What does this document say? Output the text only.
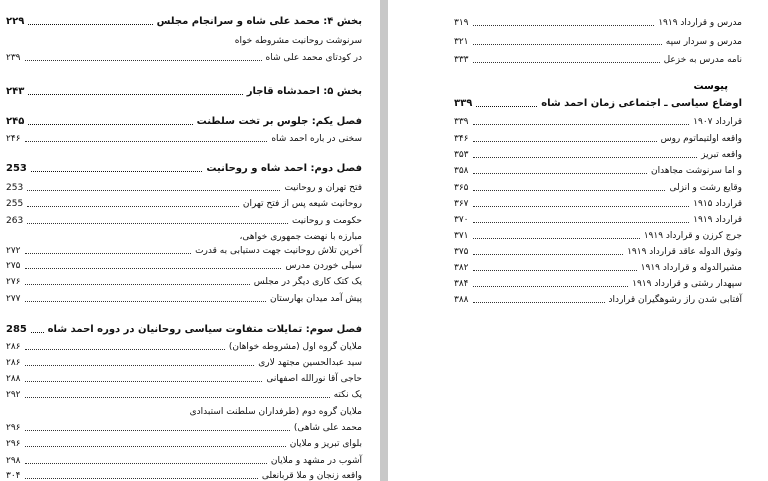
بخش ۴: محمد علی شاه و سرانجام مجلس
۲۲۹
سرنوشت روحانیت مشروطه خواه
در کودتای محمد علی شاه
۲۳۹
بخش ۵: احمدشاه قاجار
۲۴۳
فصل یکم: جلوس بر تخت سلطنت
۲۴۵
سخنی در باره احمد شاه
۲۴۶
فصل دوم: احمد شاه و روحانیت
253
فتح تهران و روحانیت
253
روحانیت شیعه پس از فتح تهران
255
حکومت و روحانیت
263
مبارزه با نهضت جمهوری خواهی،
آخرین تلاش روحانیت جهت دستیابی به قدرت
۲۷۲
سیلی خوردن مدرس
۲۷۵
یک کتک کاری دیگر در مجلس
۲۷۶
پیش آمد میدان بهارستان
۲۷۷
فصل سوم: تمایلات متفاوت سیاسی روحانیان در دوره احمد شاه
285
ملایان گروه اول (مشروطه خواهان)
۲۸۶
سید عبدالحسین مجتهد لاری
۲۸۶
حاجی آقا نورالله اصفهانی
۲۸۸
یک نکته
۲۹۲
ملایان گروه دوم (طرفداران سلطنت استبدادی
محمد علی شاهی)
۲۹۶
بلوای تبریز و ملایان
۲۹۶
آشوب در مشهد و ملایان
۲۹۸
واقعه زنجان و ملا قربانعلی
۳۰۴
پیوست
مدرس و قرارداد ۱۹۱۹
۳۱۹
مدرس و سردار سپه
۳۲۱
نامه مدرس به خزعل
۳۳۳
اوضاع سیاسی ـ اجتماعی زمان احمد شاه
۳۳۹
قرارداد ۱۹۰۷
۳۳۹
واقعه اولتیماتوم روس
۳۴۶
واقعه تبریز
۳۵۳
و اما سرنوشت مجاهدان
۳۵۸
وقایع رشت و انزلی
۳۶۵
قرارداد ۱۹۱۵
۳۶۷
قرارداد ۱۹۱۹
۳۷۰
جرج کرزن و قرارداد ۱۹۱۹
۳۷۱
وثوق الدوله عاقد قرارداد ۱۹۱۹
۳۷۵
مشیرالدوله و قرارداد ۱۹۱۹
۳۸۲
سپهدار رشتی و قرارداد ۱۹۱۹
۳۸۴
آفتابی شدن راز رشوهگیران قرارداد
۳۸۸
